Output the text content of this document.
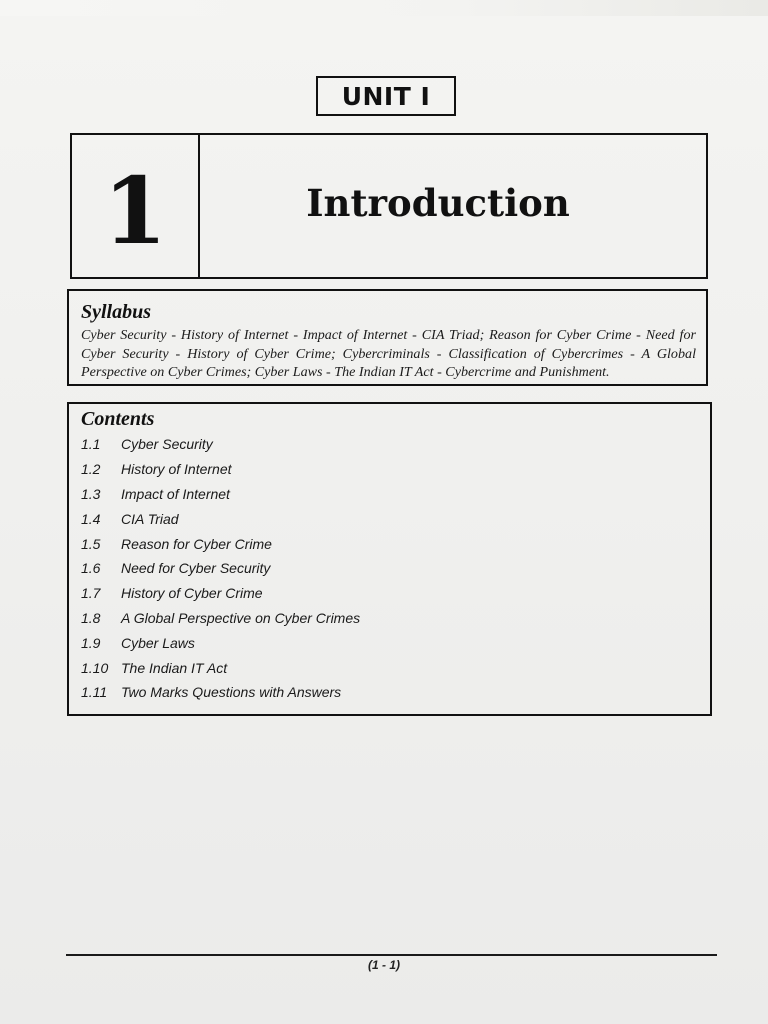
UNIT I
1	Introduction
Syllabus

Cyber Security - History of Internet - Impact of Internet - CIA Triad; Reason for Cyber Crime - Need for Cyber Security - History of Cyber Crime; Cybercriminals - Classification of Cybercrimes - A Global Perspective on Cyber Crimes; Cyber Laws - The Indian IT Act - Cybercrime and Punishment.

Contents
1.1	Cyber Security
1.2	History of Internet
1.3	Impact of Internet
1.4	CIA Triad
1.5	Reason for Cyber Crime
1.6	Need for Cyber Security
1.7	History of Cyber Crime
1.8	A Global Perspective on Cyber Crimes
1.9	Cyber Laws
1.10 The Indian IT Act
1.11 Two Marks Questions with Answers
(1 - 1)
